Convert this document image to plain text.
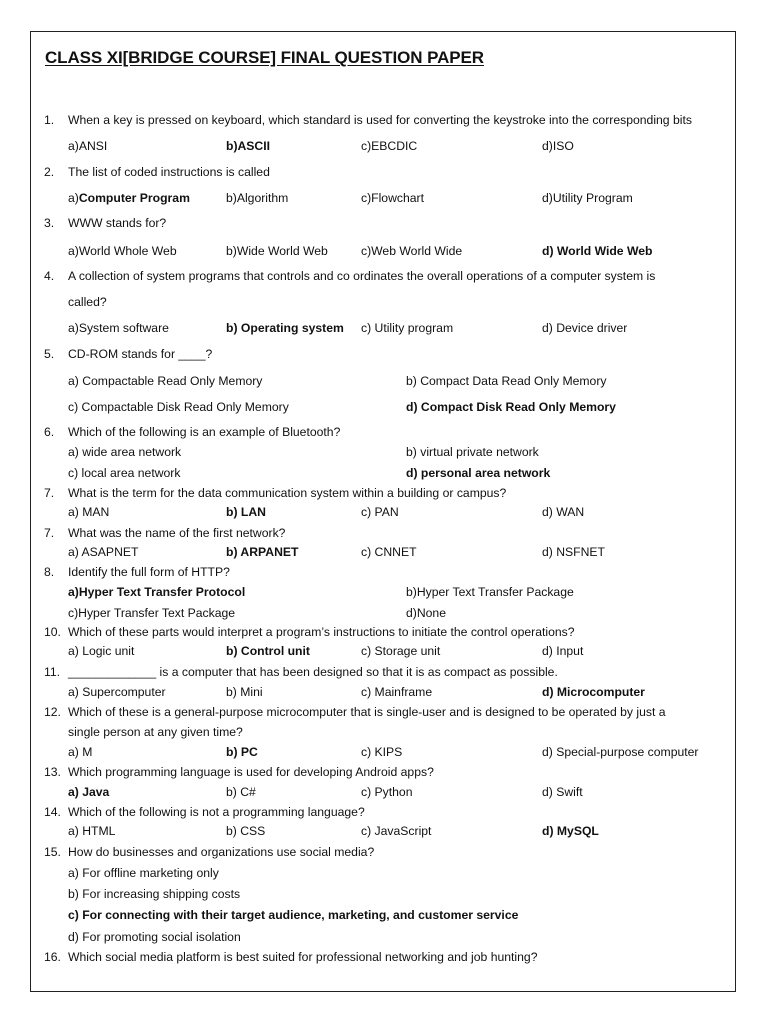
CLASS XI[BRIDGE COURSE] FINAL QUESTION PAPER
1.	When a key is pressed on keyboard, which standard is used for converting the keystroke into the corresponding bits
a)ANSI	b)ASCII	c)EBCDIC	d)ISO
2.	The list of coded instructions is called
a)Computer Program	b)Algorithm	c)Flowchart	d)Utility Program
3.	WWW stands for?
a)World Whole Web	b)Wide World Web	c)Web World Wide	d) World Wide Web
4.	A collection of system programs that controls and co ordinates the overall operations of a computer system is
called?
a)System software	b) Operating system c) Utility program	d) Device driver
5.	CD-ROM stands for ____?
a) Compactable Read Only Memory	b) Compact Data Read Only Memory
c) Compactable Disk Read Only Memory	d) Compact Disk Read Only Memory
6.	Which of the following is an example of Bluetooth?
a) wide area network	b) virtual private network
c) local area network	d) personal area network
7.	What is the term for the data communication system within a building or campus?
a) MAN	b) LAN	c) PAN	d) WAN
7.	What was the name of the first network?
a) ASAPNET	b) ARPANET	c) CNNET	d) NSFNET
8.	Identify the full form of HTTP?
a)Hyper Text Transfer Protocol	b)Hyper Text Transfer Package
c)Hyper Transfer Text Package	d)None
10. Which of these parts would interpret a program’s instructions to initiate the control operations?
a) Logic unit	b) Control unit	c) Storage unit	d) Input
11. _____________ is a computer that has been designed so that it is as compact as possible.
a) Supercomputer	b) Mini	c) Mainframe	d) Microcomputer
12. Which of these is a general-purpose microcomputer that is single-user and is designed to be operated by just a
single person at any given time?
a) M	b) PC	c) KIPS	d) Special-purpose computer
13. Which programming language is used for developing Android apps?
a) Java	b) C#	c) Python	d) Swift
14. Which of the following is not a programming language?
a) HTML	b) CSS	c) JavaScript	d) MySQL
15. How do businesses and organizations use social media?
a) For offline marketing only
b) For increasing shipping costs
c) For connecting with their target audience, marketing, and customer service
d) For promoting social isolation
16. Which social media platform is best suited for professional networking and job hunting?
